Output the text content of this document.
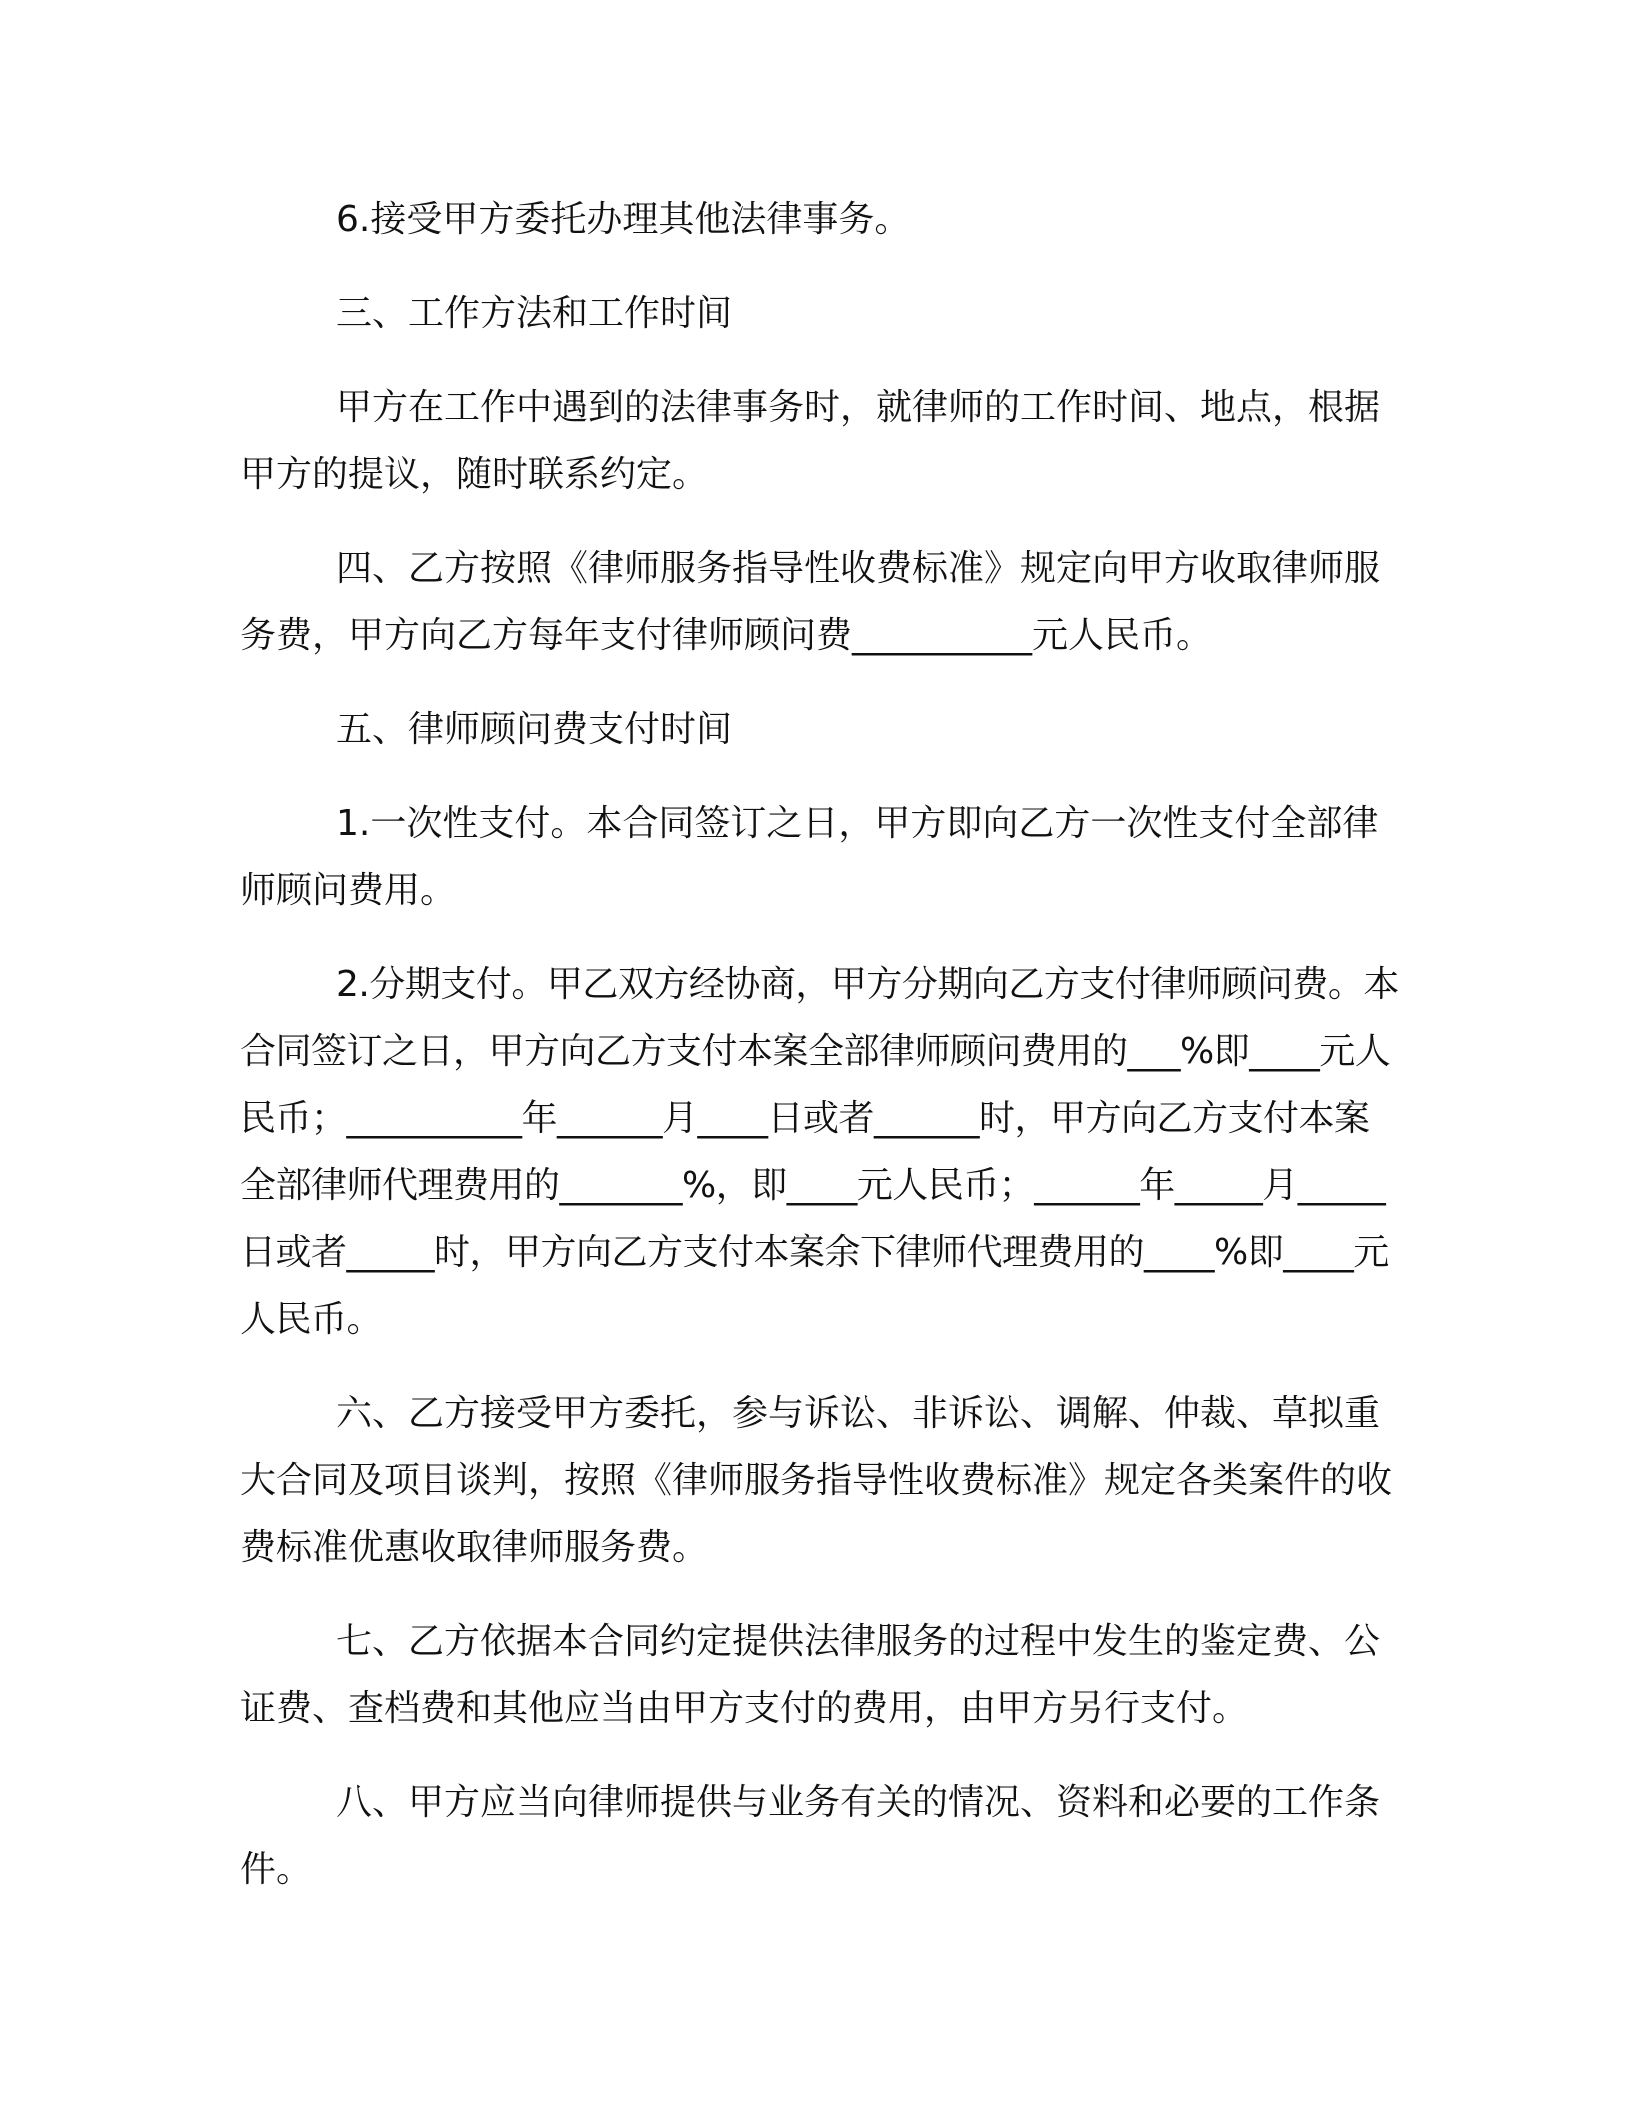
6.接受甲方委托办理其他法律事务。

三、工作方法和工作时间

甲方在工作中遇到的法律事务时，就律师的工作时间、地点，根据甲方的提议，随时联系约定。

四、乙方按照《律师服务指导性收费标准》规定向甲方收取律师服务费，甲方向乙方每年支付律师顾问费__________元人民币。

五、律师顾问费支付时间

1.一次性支付。本合同签订之日，甲方即向乙方一次性支付全部律师顾问费用。

2.分期支付。甲乙双方经协商，甲方分期向乙方支付律师顾问费。本合同签订之日，甲方向乙方支付本案全部律师顾问费用的___%即____元人民币；__________年______月____日或者______时，甲方向乙方支付本案全部律师代理费用的_______%，即____元人民币；______年_____月_____日或者_____时，甲方向乙方支付本案余下律师代理费用的____%即____元人民币。

六、乙方接受甲方委托，参与诉讼、非诉讼、调解、仲裁、草拟重大合同及项目谈判，按照《律师服务指导性收费标准》规定各类案件的收费标准优惠收取律师服务费。

七、乙方依据本合同约定提供法律服务的过程中发生的鉴定费、公证费、查档费和其他应当由甲方支付的费用，由甲方另行支付。

八、甲方应当向律师提供与业务有关的情况、资料和必要的工作条件。
